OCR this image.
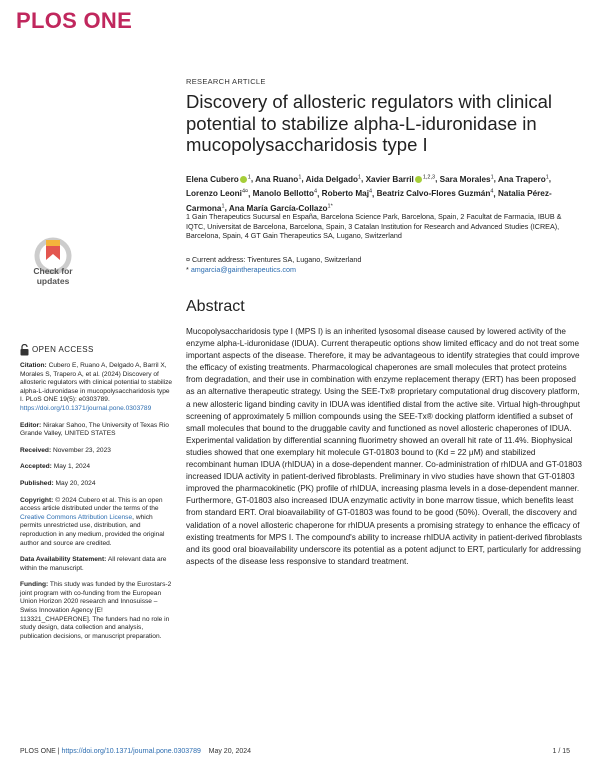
PLOS ONE
Check for
updates
OPEN ACCESS

Citation: Cubero E, Ruano A, Delgado A, Barril X, Morales S, Trapero A, et al. (2024) Discovery of allosteric regulators with clinical potential to stabilize alpha-L-iduronidase in mucopolysaccharidosis type I. PLoS ONE 19(5): e0303789. https://doi.org/10.1371/journal.pone.0303789

Editor: Nirakar Sahoo, The University of Texas Rio Grande Valley, UNITED STATES

Received: November 23, 2023

Accepted: May 1, 2024

Published: May 20, 2024

Copyright: © 2024 Cubero et al. This is an open access article distributed under the terms of the Creative Commons Attribution License, which permits unrestricted use, distribution, and reproduction in any medium, provided the original author and source are credited.

Data Availability Statement: All relevant data are within the manuscript.

Funding: This study was funded by the Eurostars-2 joint program with co-funding from the European Union Horizon 2020 research and Innosuisse – Swiss Innovation Agency [E! 113321_CHAPERONE]. The funders had no role in study design, data collection and analysis, publication decisions, or manuscript preparation.

RESEARCH ARTICLE
Discovery of allosteric regulators with clinical potential to stabilize alpha-L-iduronidase in mucopolysaccharidosis type I
Elena Cubero $^1$, Ana Ruano$^1$, Aida Delgado$^1$, Xavier Barril $^{1,2,3}$, Sara Morales$^1$, Ana Trapero$^1$, Lorenzo Leoni$^{4¤}$, Manolo Bellotto$^4$, Roberto Maj$^4$, Beatriz Calvo-Flores Guzmán$^4$, Natalia Pérez-Carmona$^1$, Ana María García-Collazo$^{1*}$
1 Gain Therapeutics Sucursal en España, Barcelona Science Park, Barcelona, Spain, 2 Facultat de Farmacia, IBUB & IQTC, Universitat de Barcelona, Barcelona, Spain, 3 Catalan Institution for Research and Advanced Studies (ICREA), Barcelona, Spain, 4 GT Gain Therapeutics SA, Lugano, Switzerland
¤ Current address: Tiventures SA, Lugano, Switzerland
* amgarcia@gaintherapeutics.com
Abstract
Mucopolysaccharidosis type I (MPS I) is an inherited lysosomal disease caused by lowered activity of the enzyme alpha-L-iduronidase (IDUA). Current therapeutic options show limited efficacy and do not treat some important aspects of the disease. Therefore, it may be advantageous to identify strategies that could improve the efficacy of existing treatments. Pharmacological chaperones are small molecules that protect proteins from degradation, and their use in combination with enzyme replacement therapy (ERT) has been proposed as an alternative therapeutic strategy. Using the SEE-Tx® proprietary computational drug discovery platform, a new allosteric ligand binding cavity in IDUA was identified distal from the active site. Virtual high-throughput screening of approximately 5 million compounds using the SEE-Tx® docking platform identified a subset of small molecules that bound to the druggable cavity and functioned as novel allosteric chaperones of IDUA. Experimental validation by differential scanning fluorimetry showed an overall hit rate of 11.4%. Biophysical studies showed that one exemplary hit molecule GT-01803 bound to (Kd = 22 μM) and stabilized recombinant human IDUA (rhIDUA) in a dose-dependent manner. Co-administration of rhIDUA and GT-01803 increased IDUA activity in patient-derived fibroblasts. Preliminary in vivo studies have shown that GT-01803 improved the pharmacokinetic (PK) profile of rhIDUA, increasing plasma levels in a dose-dependent manner. Furthermore, GT-01803 also increased IDUA enzymatic activity in bone marrow tissue, which benefits least from standard ERT. Oral bioavailability of GT-01803 was found to be good (50%). Overall, the discovery and validation of a novel allosteric chaperone for rhIDUA presents a promising strategy to enhance the efficacy of existing treatments for MPS I. The compound's ability to increase rhIDUA activity in patient-derived fibroblasts and its good oral bioavailability underscore its potential as a potent adjunct to ERT, particularly for addressing aspects of the disease less responsive to standard treatment.
PLOS ONE | https://doi.org/10.1371/journal.pone.0303789 May 20, 2024	1 / 15
